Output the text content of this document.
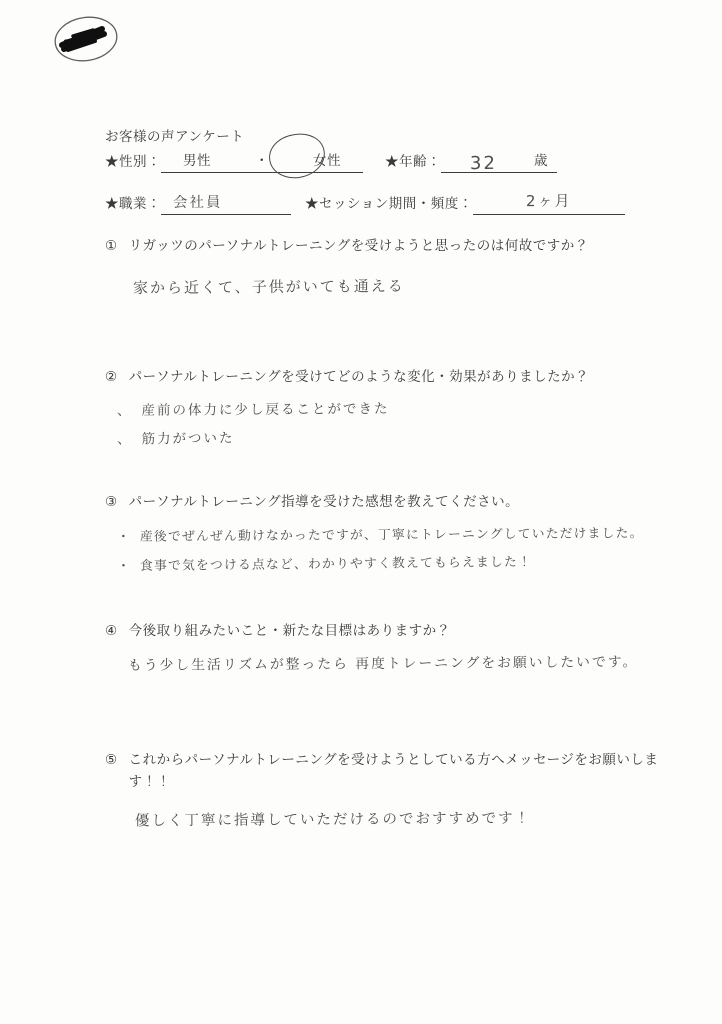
お客様の声アンケート
★性別： 男性	・	女性	★年齢： 32	歳
★職業： 会社員	★セッション期間・頻度：	2ヶ月
① リガッツのパーソナルトレーニングを受けようと思ったのは何故ですか？
家から近くて、子供がいても通える
② パーソナルトレーニングを受けてどのような変化・効果がありましたか？
、 産前の体力に少し戻ることができた
、 筋力がついた
③ パーソナルトレーニング指導を受けた感想を教えてください。
・ 産後でぜんぜん動けなかったですが、丁寧にトレーニングしていただけました。
・ 食事で気をつける点など、わかりやすく教えてもらえました！
④ 今後取り組みたいこと・新たな目標はありますか？
もう少し生活リズムが整ったら 再度トレーニングをお願いしたいです。
⑤ これからパーソナルトレーニングを受けようとしている方へメッセージをお願いします！！
優しく丁寧に指導していただけるのでおすすめです！
